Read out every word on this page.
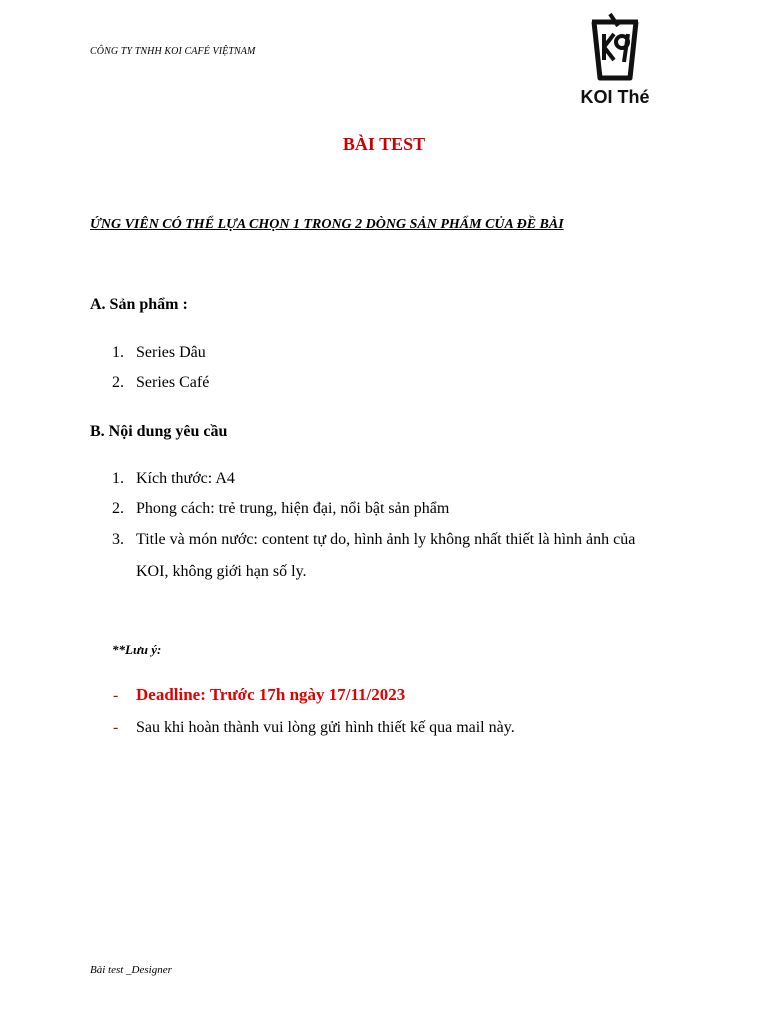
CÔNG TY TNHH KOI CAFÉ VIỆTNAM
KOI Thé
BÀI TEST
ỨNG VIÊN CÓ THỂ LỰA CHỌN 1 TRONG 2 DÒNG SẢN PHẨM CỦA ĐỀ BÀI
A. Sản phẩm :
1. Series Dâu
2. Series Café
B. Nội dung yêu cầu
1. Kích thước: A4
2. Phong cách: trẻ trung, hiện đại, nổi bật sản phẩm
3. Title và món nước: content tự do, hình ảnh ly không nhất thiết là hình ảnh của
KOI, không giới hạn số ly.
**Lưu ý:
- Deadline: Trước 17h ngày 17/11/2023
- Sau khi hoàn thành vui lòng gửi hình thiết kế qua mail này.
Bài test _Designer
